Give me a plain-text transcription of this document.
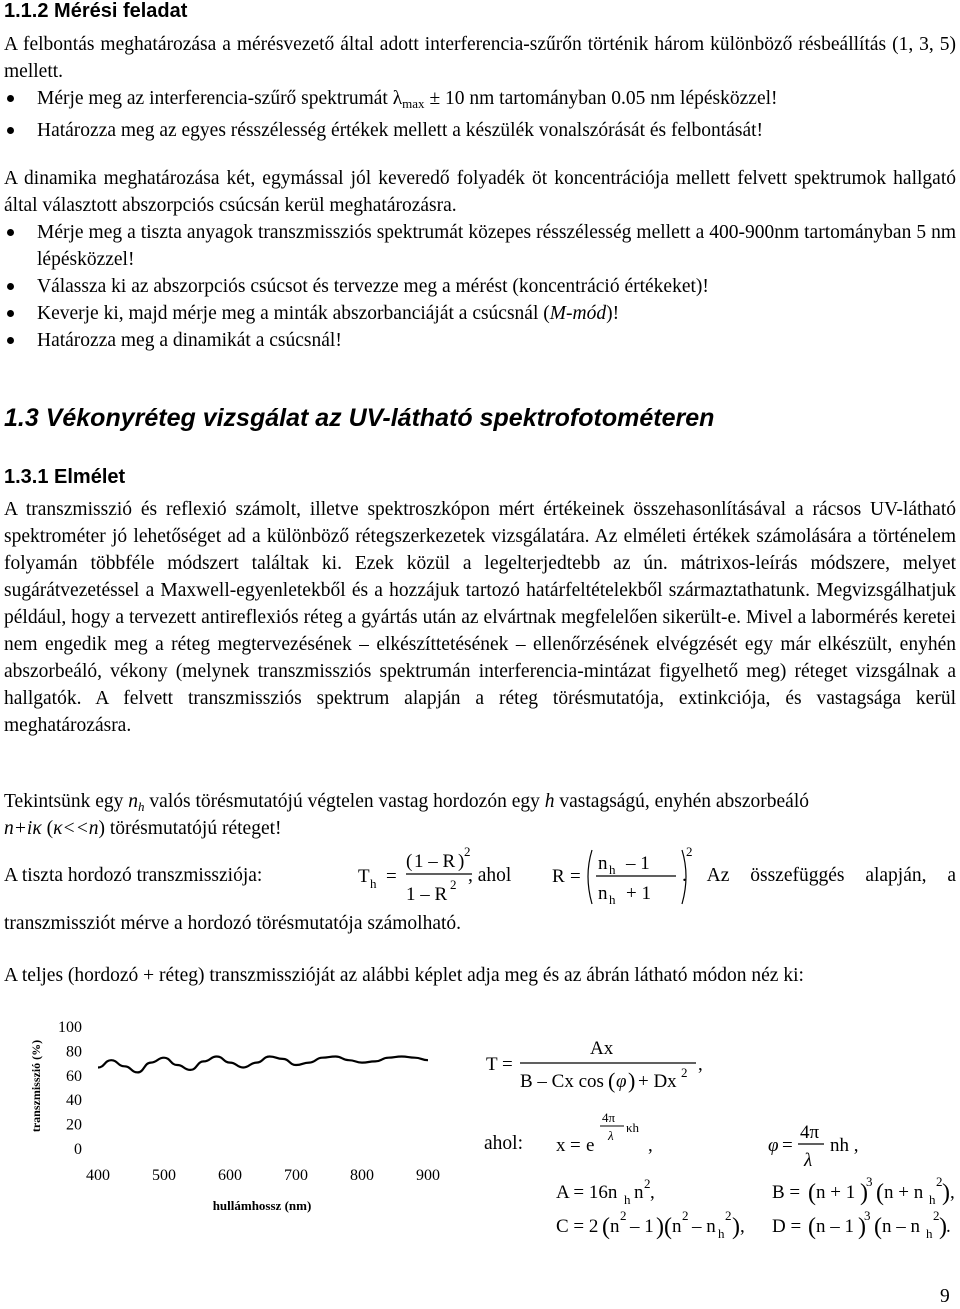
1.1.2 Mérési feladat

A felbontás meghatározása a mérésvezető által adott interferencia-szűrőn történik három különböző résbeállítás (1, 3, 5) mellett.

Mérje meg az interferencia-szűrő spektrumát $\lambda_{max} \pm 10$ nm tartományban 0.05 nm lépésközzel!
Határozza meg az egyes résszélesség értékek mellett a készülék vonalszórását és felbontását!

A dinamika meghatározása két, egymással jól keveredő folyadék öt koncentrációja mellett felvett spektrumok hallgató által választott abszorpciós csúcsán kerül meghatározásra.

Mérje meg a tiszta anyagok transzmissziós spektrumát közepes résszélesség mellett a 400-900nm tartományban 5 nm lépésközzel!
Válassza ki az abszorpciós csúcsot és tervezze meg a mérést (koncentráció értékeket)!
Keverje ki, majd mérje meg a minták abszorbanciáját a csúcsnál (M-mód)!
Határozza meg a dinamikát a csúcsnál!
1.3 Vékonyréteg vizsgálat az UV-látható spektrofotométeren
1.3.1 Elmélet

A transzmisszió és reflexió számolt, illetve spektroszkópon mért értékeinek összehasonlításával a rácsos UV-látható spektrométer jó lehetőséget ad a különböző rétegszerkezetek vizsgálatára. Az elméleti értékek számolására a történelem folyamán többféle módszert találtak ki. Ezek közül a legelterjedtebb az ún. mátrixos-leírás módszere, melyet sugárátvezetéssel a Maxwell-egyenletekből és a hozzájuk tartozó határfeltételekből származtathatunk. Megvizsgálhatjuk például, hogy a tervezett antireflexiós réteg a gyártás után az elvártnak megfelelően sikerült-e. Mivel a labormérés keretei nem engedik meg a réteg megtervezésének – elkészíttetésének – ellenőrzésének elvégzését egy már elkészült, enyhén abszorbeáló, vékony (melynek transzmissziós spektrumán interferencia-mintázat figyelhető meg) réteget vizsgálnak a hallgatók. A felvett transzmissziós spektrum alapján a réteg törésmutatója, extinkciója, és vastagsága kerül meghatározásra.

Tekintsünk egy $n_h$ valós törésmutatójú végtelen vastag hordozón egy h vastagságú, enyhén abszorbeáló
n+iκ (κ<<n) törésmutatójú réteget!
A tiszta hordozó transzmissziója:	T h =
( 1 – R ) 2
1 – R 2 , ahol R =
n h – 1
n h + 1
2
. Az összefüggés alapján, a
transzmissziót mérve a hordozó törésmutatója számolható.
A teljes (hordozó + réteg) transzmisszióját az alábbi képlet adja meg és az ábrán látható módon néz ki:
400	500	600	700	800	900
0
20
40
60
80
100
hullámhossz (nm)
transzmisszió (%)	T =
Ax
B – Cx cos ( φ ) + Dx 2 ,
ahol: x = e
4π
λ
κh
,	φ =
4π
λ
nh ,
A = 16n h n 2 ,	B = ( n + 1 )
3 ( n + n h
2 ) ,
C = 2 ( n
2
– 1 )( n
2
– n h
2 ) , D = ( n – 1 )
3 ( n – n h
2 ) .
9
